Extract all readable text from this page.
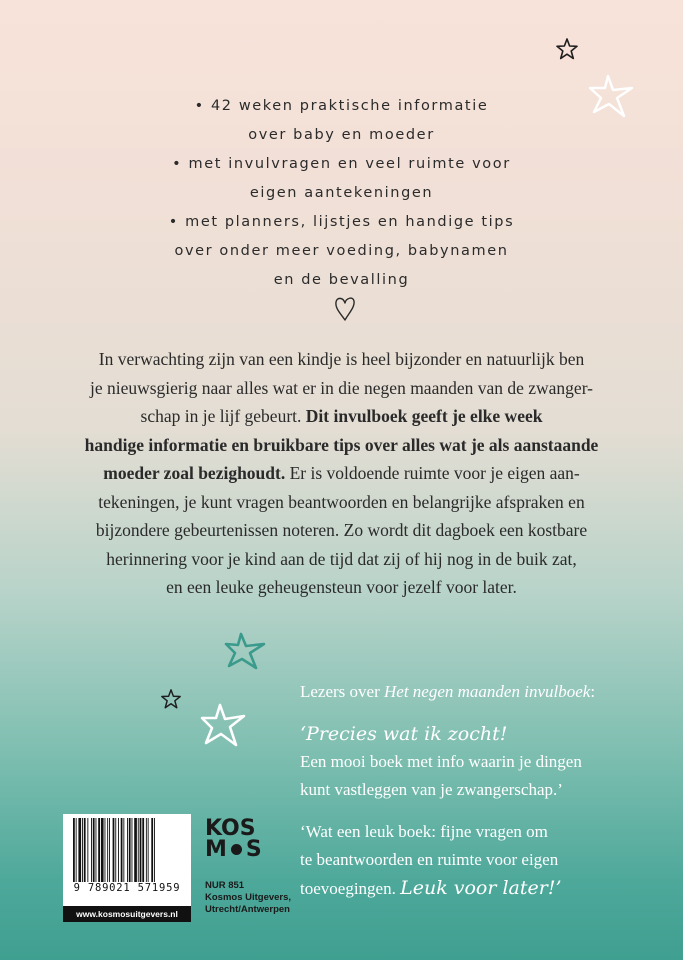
• 42 weken praktische informatie
over baby en moeder
• met invulvragen en veel ruimte voor
eigen aantekeningen
• met planners, lijstjes en handige tips
over onder meer voeding, babynamen
en de bevalling
In verwachting zijn van een kindje is heel bijzonder en natuurlijk ben
je nieuwsgierig naar alles wat er in die negen maanden van de zwanger-
schap in je lijf gebeurt. Dit invulboek geeft je elke week
handige informatie en bruikbare tips over alles wat je als aanstaande
moeder zoal bezighoudt. Er is voldoende ruimte voor je eigen aan-
tekeningen, je kunt vragen beantwoorden en belangrijke afspraken en
bijzondere gebeurtenissen noteren. Zo wordt dit dagboek een kostbare
herinnering voor je kind aan de tijd dat zij of hij nog in de buik zat,
en een leuke geheugensteun voor jezelf voor later.
Lezers over Het negen maanden invulboek:
‘Precies wat ik zocht!
Een mooi boek met info waarin je dingen
kunt vastleggen van je zwangerschap.’
‘Wat een leuk boek: fijne vragen om
te beantwoorden en ruimte voor eigen
toevoegingen. Leuk voor later!’
9 789021 571959
www.kosmosuitgevers.nl
KOS
M S
NUR 851
Kosmos Uitgevers,
Utrecht/Antwerpen
